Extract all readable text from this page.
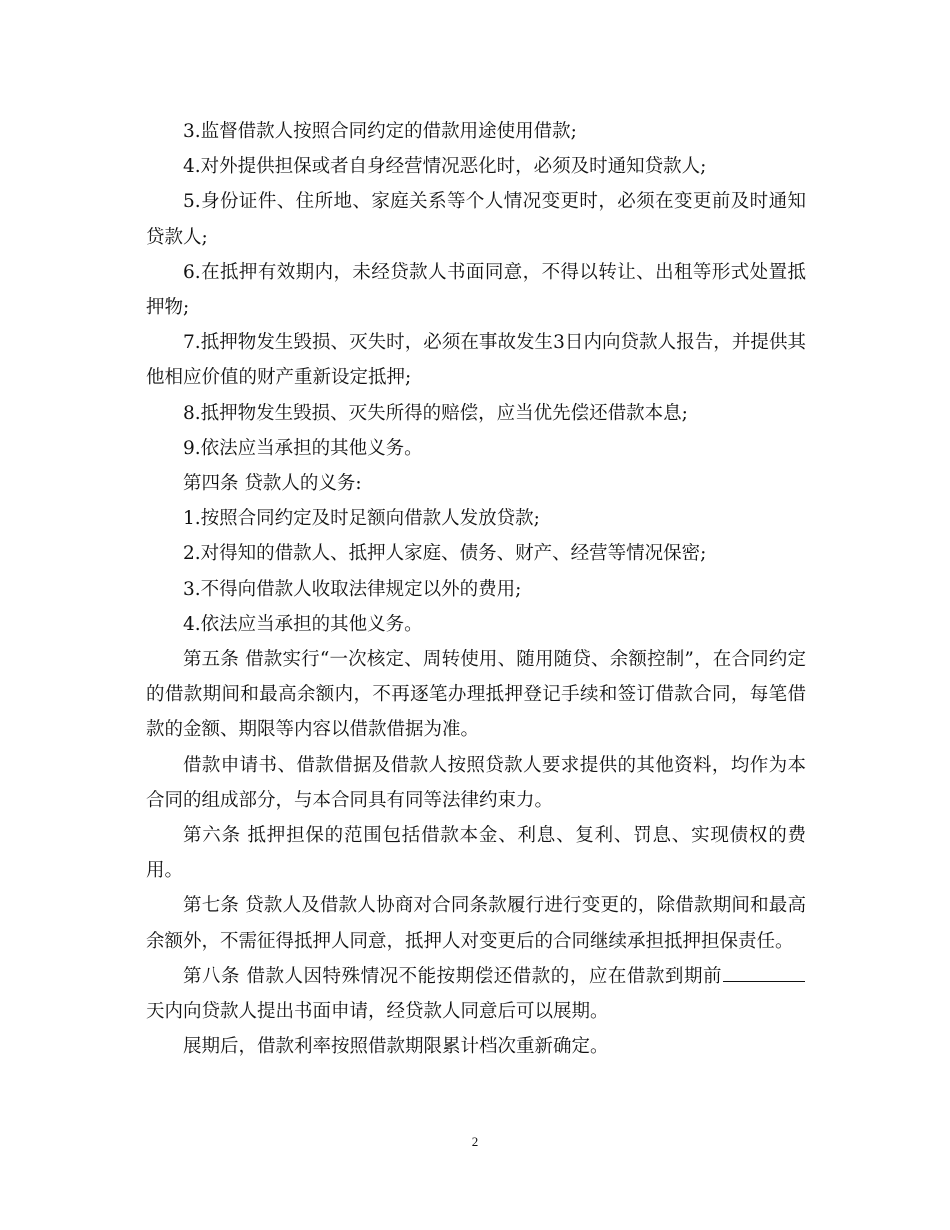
3.监督借款人按照合同约定的借款用途使用借款;

4.对外提供担保或者自身经营情况恶化时，必须及时通知贷款人;

5.身份证件、住所地、家庭关系等个人情况变更时，必须在变更前及时通知贷款人;

6.在抵押有效期内，未经贷款人书面同意，不得以转让、出租等形式处置抵押物;

7.抵押物发生毁损、灭失时，必须在事故发生3日内向贷款人报告，并提供其他相应价值的财产重新设定抵押;

8.抵押物发生毁损、灭失所得的赔偿，应当优先偿还借款本息;

9.依法应当承担的其他义务。

第四条 贷款人的义务:

1.按照合同约定及时足额向借款人发放贷款;

2.对得知的借款人、抵押人家庭、债务、财产、经营等情况保密;

3.不得向借款人收取法律规定以外的费用;

4.依法应当承担的其他义务。

第五条 借款实行“一次核定、周转使用、随用随贷、余额控制”，在合同约定的借款期间和最高余额内，不再逐笔办理抵押登记手续和签订借款合同，每笔借款的金额、期限等内容以借款借据为准。

借款申请书、借款借据及借款人按照贷款人要求提供的其他资料，均作为本合同的组成部分，与本合同具有同等法律约束力。

第六条 抵押担保的范围包括借款本金、利息、复利、罚息、实现债权的费用。

第七条 贷款人及借款人协商对合同条款履行进行变更的，除借款期间和最高余额外，不需征得抵押人同意，抵押人对变更后的合同继续承担抵押担保责任。

第八条 借款人因特殊情况不能按期偿还借款的，应在借款到期前天内向贷款人提出书面申请，经贷款人同意后可以展期。

展期后，借款利率按照借款期限累计档次重新确定。

2
